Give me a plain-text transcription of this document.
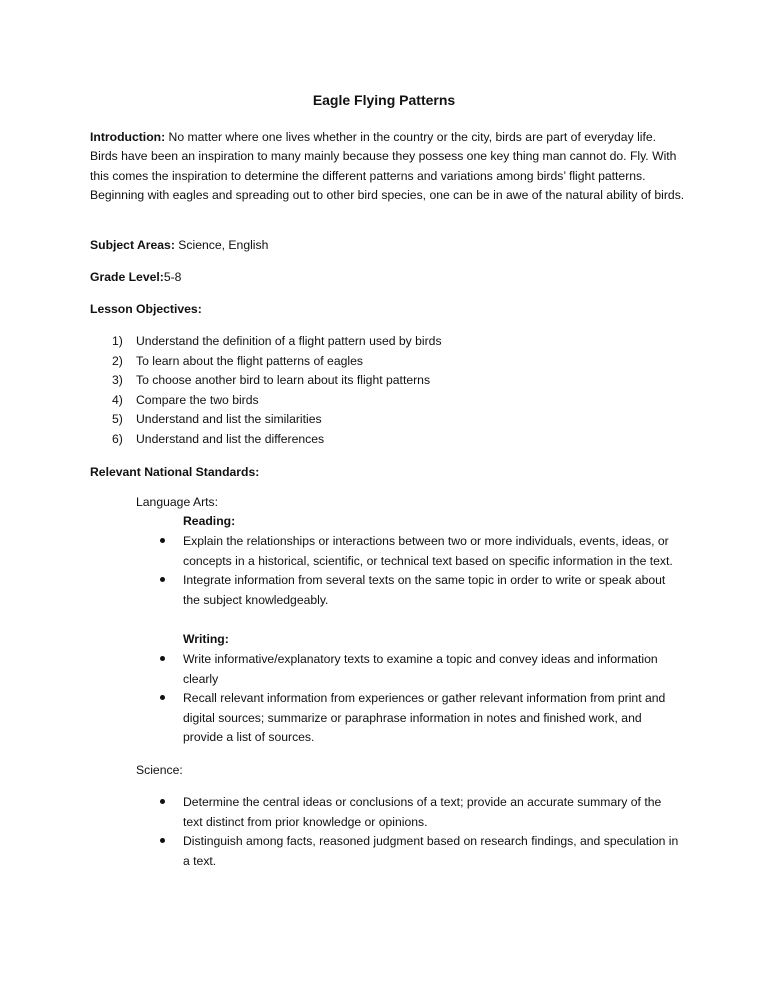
Eagle Flying Patterns

Introduction: No matter where one lives whether in the country or the city, birds are part of everyday life. Birds have been an inspiration to many mainly because they possess one key thing man cannot do. Fly. With this comes the inspiration to determine the different patterns and variations among birds’ flight patterns. Beginning with eagles and spreading out to other bird species, one can be in awe of the natural ability of birds.

Subject Areas: Science, English

Grade Level:5-8

Lesson Objectives:

1) Understand the definition of a flight pattern used by birds
2) To learn about the flight patterns of eagles
3) To choose another bird to learn about its flight patterns
4) Compare the two birds
5) Understand and list the similarities
6) Understand and list the differences

Relevant National Standards:

Language Arts:

Reading:

Explain the relationships or interactions between two or more individuals, events, ideas, or concepts in a historical, scientific, or technical text based on specific information in the text.
Integrate information from several texts on the same topic in order to write or speak about the subject knowledgeably.

Writing:

Write informative/explanatory texts to examine a topic and convey ideas and information clearly
Recall relevant information from experiences or gather relevant information from print and digital sources; summarize or paraphrase information in notes and finished work, and provide a list of sources.

Science:

Determine the central ideas or conclusions of a text; provide an accurate summary of the text distinct from prior knowledge or opinions.
Distinguish among facts, reasoned judgment based on research findings, and speculation in a text.
